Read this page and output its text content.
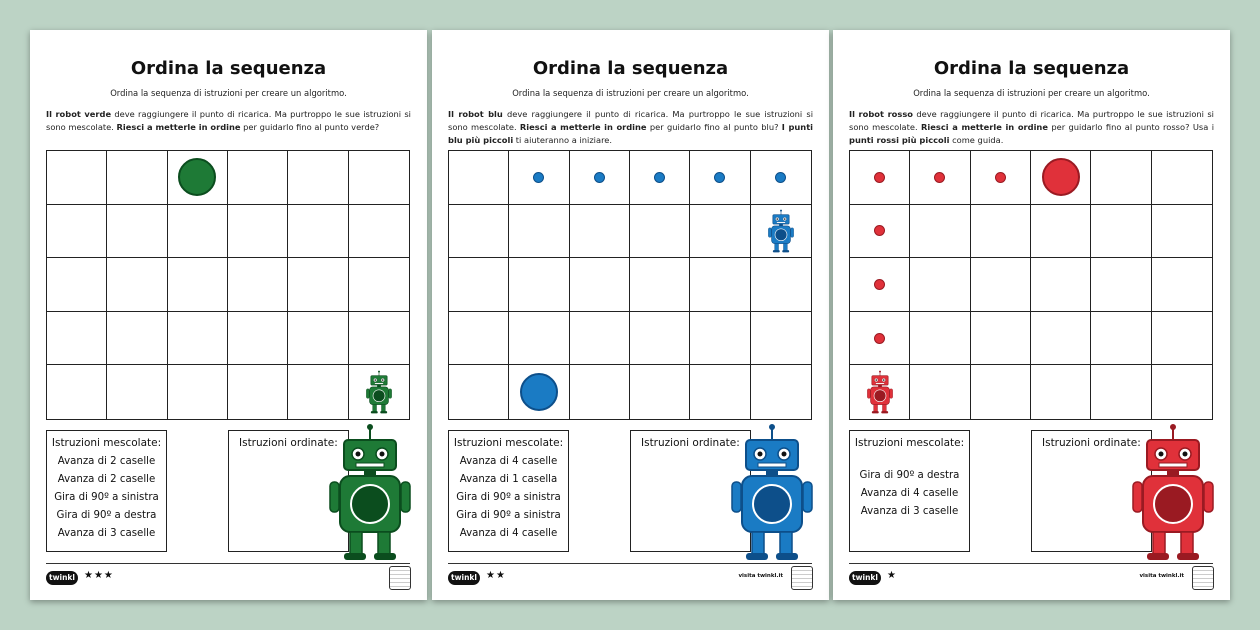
Ordina la sequenza
Ordina la sequenza di istruzioni per creare un algoritmo.
Il robot verde deve raggiungere il punto di ricarica. Ma purtroppo le sue istruzioni si sono mescolate. Riesci a metterle in ordine per guidarlo fino al punto verde?
Istruzioni mescolate:
Avanza di 2 caselle
Avanza di 2 caselle
Gira di 90º a sinistra
Gira di 90º a destra
Avanza di 3 caselle
Istruzioni ordinate:
twinkl ★★★
Ordina la sequenza
Ordina la sequenza di istruzioni per creare un algoritmo.
Il robot blu deve raggiungere il punto di ricarica. Ma purtroppo le sue istruzioni si sono mescolate. Riesci a metterle in ordine per guidarlo fino al punto blu? I punti blu più piccoli ti aiuteranno a iniziare.
Istruzioni mescolate:
Avanza di 4 caselle
Avanza di 1 casella
Gira di 90º a sinistra
Gira di 90º a sinistra
Avanza di 4 caselle
Istruzioni ordinate:
twinkl ★★	visita twinkl.it
Ordina la sequenza
Ordina la sequenza di istruzioni per creare un algoritmo.
Il robot rosso deve raggiungere il punto di ricarica. Ma purtroppo le sue istruzioni si sono mescolate. Riesci a metterle in ordine per guidarlo fino al punto rosso? Usa i punti rossi più piccoli come guida.
Istruzioni mescolate:
Gira di 90º a destra
Avanza di 4 caselle
Avanza di 3 caselle
Istruzioni ordinate:
twinkl ★	visita twinkl.it
